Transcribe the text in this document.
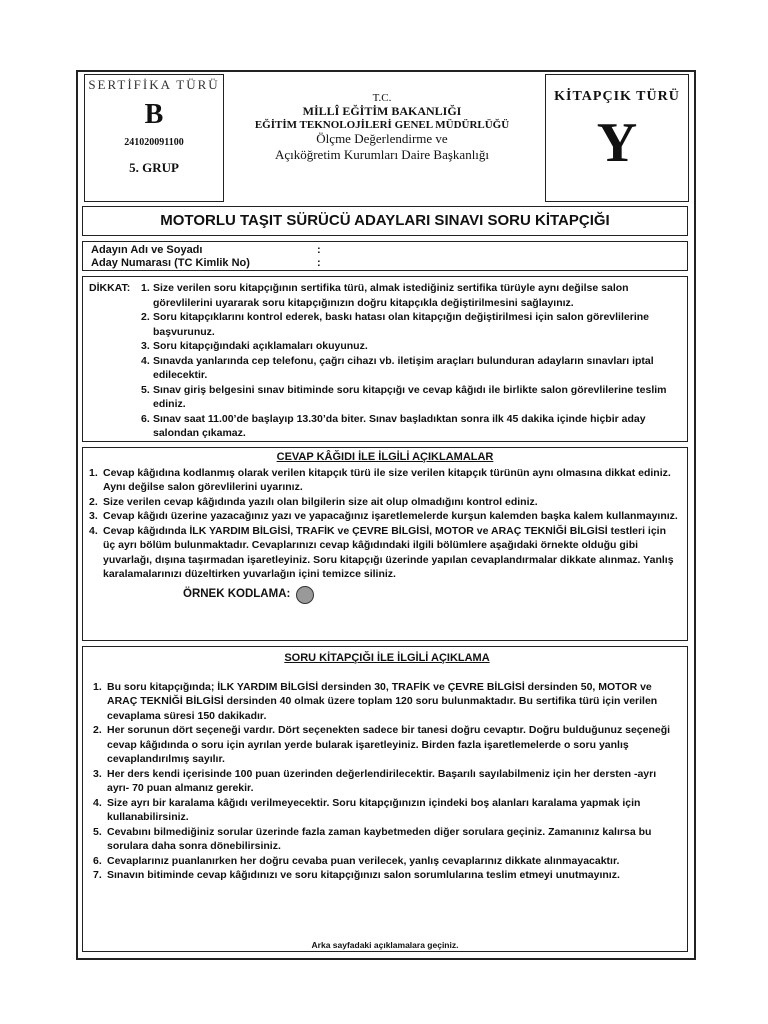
SERTİFİKA TÜRÜ
B
241020091100
5. GRUP
T.C.
MİLLÎ EĞİTİM BAKANLIĞI
EĞİTİM TEKNOLOJİLERİ GENEL MÜDÜRLÜĞÜ
Ölçme Değerlendirme ve
Açıköğretim Kurumları Daire Başkanlığı
KİTAPÇIK TÜRÜ
Y
MOTORLU TAŞIT SÜRÜCÜ ADAYLARI SINAVI SORU KİTAPÇIĞI
Adayın Adı ve Soyadı	:
Aday Numarası (TC Kimlik No)	:
DİKKAT:	1. Size verilen soru kitapçığının sertifika türü, almak istediğiniz sertifika türüyle aynı değilse salon görevlilerini uyararak soru kitapçığınızın doğru kitapçıkla değiştirilmesini sağlayınız.
2. Soru kitapçıklarını kontrol ederek, baskı hatası olan kitapçığın değiştirilmesi için salon görevlilerine başvurunuz.
3. Soru kitapçığındaki açıklamaları okuyunuz.
4. Sınavda yanlarında cep telefonu, çağrı cihazı vb. iletişim araçları bulunduran adayların sınavları iptal edilecektir.
5. Sınav giriş belgesini sınav bitiminde soru kitapçığı ve cevap kâğıdı ile birlikte salon görevlilerine teslim ediniz.
6. Sınav saat 11.00’de başlayıp 13.30’da biter. Sınav başladıktan sonra ilk 45 dakika içinde hiçbir aday salondan çıkamaz.
CEVAP KÂĞIDI İLE İLGİLİ AÇIKLAMALAR
1. Cevap kâğıdına kodlanmış olarak verilen kitapçık türü ile size verilen kitapçık türünün aynı olmasına dikkat ediniz. Aynı değilse salon görevlilerini uyarınız.
2. Size verilen cevap kâğıdında yazılı olan bilgilerin size ait olup olmadığını kontrol ediniz.
3. Cevap kâğıdı üzerine yazacağınız yazı ve yapacağınız işaretlemelerde kurşun kalemden başka kalem kullanmayınız.
4. Cevap kâğıdında İLK YARDIM BİLGİSİ, TRAFİK ve ÇEVRE BİLGİSİ, MOTOR ve ARAÇ TEKNİĞİ BİLGİSİ testleri için üç ayrı bölüm bulunmaktadır. Cevaplarınızı cevap kâğıdındaki ilgili bölümlere aşağıdaki örnekte olduğu gibi yuvarlağı, dışına taşırmadan işaretleyiniz. Soru kitapçığı üzerinde yapılan cevaplandırmalar dikkate alınmaz. Yanlış karalamalarınızı düzeltirken yuvarlağın içini temizce siliniz.
ÖRNEK KODLAMA:
SORU KİTAPÇIĞI İLE İLGİLİ AÇIKLAMA
1. Bu soru kitapçığında; İLK YARDIM BİLGİSİ dersinden 30, TRAFİK ve ÇEVRE BİLGİSİ dersinden 50, MOTOR ve ARAÇ TEKNİĞİ BİLGİSİ dersinden 40 olmak üzere toplam 120 soru bulunmaktadır. Bu sertifika türü için verilen cevaplama süresi 150 dakikadır.
2. Her sorunun dört seçeneği vardır. Dört seçenekten sadece bir tanesi doğru cevaptır. Doğru bulduğunuz seçeneği cevap kâğıdında o soru için ayrılan yerde bularak işaretleyiniz. Birden fazla işaretlemelerde o soru yanlış cevaplandırılmış sayılır.
3. Her ders kendi içerisinde 100 puan üzerinden değerlendirilecektir. Başarılı sayılabilmeniz için her dersten -ayrı ayrı- 70 puan almanız gerekir.
4. Size ayrı bir karalama kâğıdı verilmeyecektir. Soru kitapçığınızın içindeki boş alanları karalama yapmak için kullanabilirsiniz.
5. Cevabını bilmediğiniz sorular üzerinde fazla zaman kaybetmeden diğer sorulara geçiniz. Zamanınız kalırsa bu sorulara daha sonra dönebilirsiniz.
6. Cevaplarınız puanlanırken her doğru cevaba puan verilecek, yanlış cevaplarınız dikkate alınmayacaktır.
7. Sınavın bitiminde cevap kâğıdınızı ve soru kitapçığınızı salon sorumlularına teslim etmeyi unutmayınız.
Arka sayfadaki açıklamalara geçiniz.
